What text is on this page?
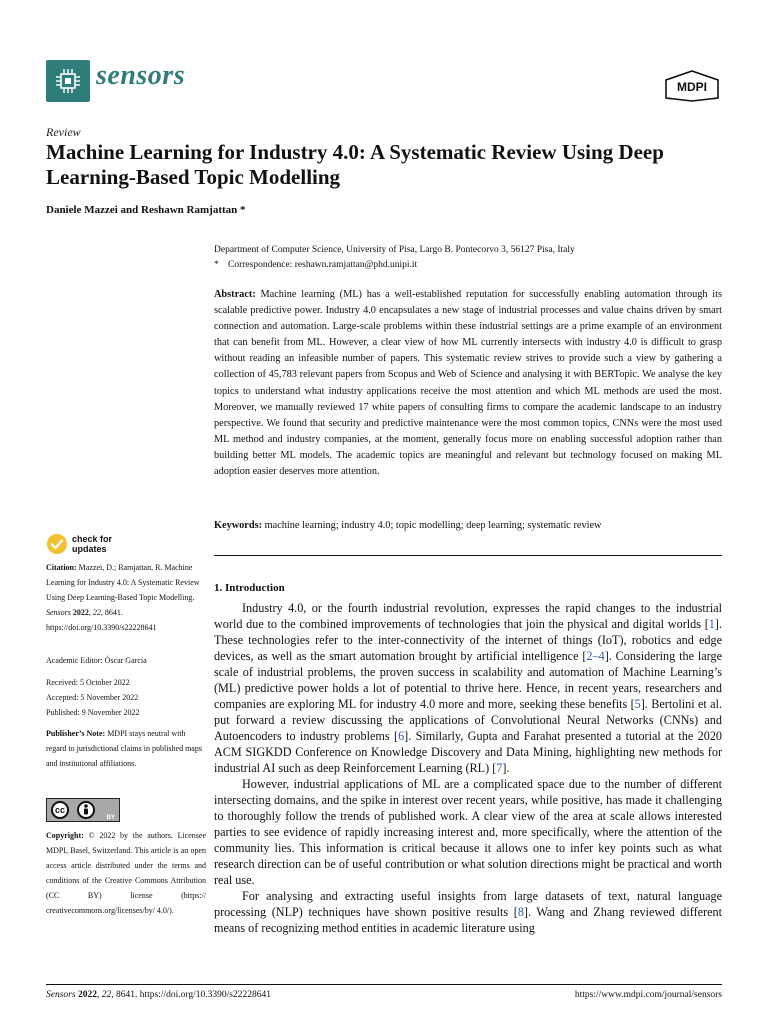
sensors	MDPI
Review
Machine Learning for Industry 4.0: A Systematic Review Using Deep Learning-Based Topic Modelling
Daniele Mazzei and Reshawn Ramjattan *
Department of Computer Science, University of Pisa, Largo B. Pontecorvo 3, 56127 Pisa, Italy
* Correspondence: reshawn.ramjattan@phd.unipi.it

Abstract: Machine learning (ML) has a well-established reputation for successfully enabling automation through its scalable predictive power. Industry 4.0 encapsulates a new stage of industrial processes and value chains driven by smart connection and automation. Large-scale problems within these industrial settings are a prime example of an environment that can benefit from ML. However, a clear view of how ML currently intersects with industry 4.0 is difficult to grasp without reading an infeasible number of papers. This systematic review strives to provide such a view by gathering a collection of 45,783 relevant papers from Scopus and Web of Science and analysing it with BERTopic. We analyse the key topics to understand what industry applications receive the most attention and which ML methods are used the most. Moreover, we manually reviewed 17 white papers of consulting firms to compare the academic landscape to an industry perspective. We found that security and predictive maintenance were the most common topics, CNNs were the most used ML method and industry companies, at the moment, generally focus more on enabling successful adoption rather than building better ML models. The academic topics are meaningful and relevant but technology focused on making ML adoption easier deserves more attention.

Keywords: machine learning; industry 4.0; topic modelling; deep learning; systematic review
check for
updates
Citation: Mazzei, D.; Ramjattan, R. Machine Learning for Industry 4.0: A Systematic Review Using Deep Learning-Based Topic Modelling. Sensors 2022, 22, 8641. https://doi.org/10.3390/s22228641
Academic Editor: Óscar García
Received: 5 October 2022
Accepted: 5 November 2022
Published: 9 November 2022
Publisher’s Note: MDPI stays neutral with regard to jurisdictional claims in published maps and institutional affiliations.
cc
BY
Copyright: © 2022 by the authors. Licensee MDPI, Basel, Switzerland. This article is an open access article distributed under the terms and conditions of the Creative Commons Attribution (CC BY) license (https:// creativecommons.org/licenses/by/ 4.0/).
1. Introduction

Industry 4.0, or the fourth industrial revolution, expresses the rapid changes to the industrial world due to the combined improvements of technologies that join the physical and digital worlds [1]. These technologies refer to the inter-connectivity of the internet of things (IoT), robotics and edge devices, as well as the smart automation brought by artificial intelligence [2–4]. Considering the large scale of industrial problems, the proven success in scalability and automation of Machine Learning’s (ML) predictive power holds a lot of potential to thrive here. Hence, in recent years, researchers and companies are exploring ML for industry 4.0 more and more, seeking these benefits [5]. Bertolini et al. put forward a review discussing the applications of Convolutional Neural Networks (CNNs) and Autoencoders to industry problems [6]. Similarly, Gupta and Farahat presented a tutorial at the 2020 ACM SIGKDD Conference on Knowledge Discovery and Data Mining, highlighting new methods for industrial AI such as deep Reinforcement Learning (RL) [7].

However, industrial applications of ML are a complicated space due to the number of different intersecting domains, and the spike in interest over recent years, while positive, has made it challenging to thoroughly follow the trends of published work. A clear view of the area at scale allows interested parties to see evidence of rapidly increasing interest and, more specifically, where the attention of the community lies. This information is critical because it allows one to infer key points such as what research direction can be of useful contribution or what solution directions might be practical and worth real use.

For analysing and extracting useful insights from large datasets of text, natural language processing (NLP) techniques have shown positive results [8]. Wang and Zhang reviewed different means of recognizing method entities in academic literature using

Sensors 2022, 22, 8641. https://doi.org/10.3390/s22228641	https://www.mdpi.com/journal/sensors
